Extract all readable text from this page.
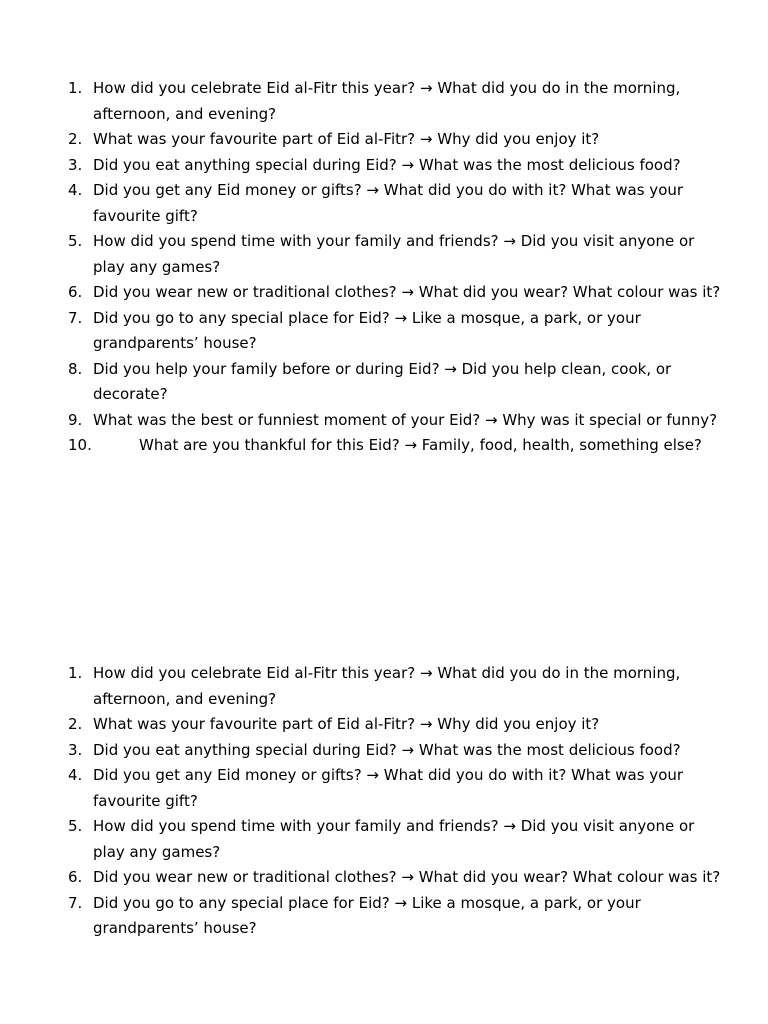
1. How did you celebrate Eid al-Fitr this year? → What did you do in the morning, afternoon, and evening?
2. What was your favourite part of Eid al-Fitr? → Why did you enjoy it?
3. Did you eat anything special during Eid? → What was the most delicious food?
4. Did you get any Eid money or gifts? → What did you do with it? What was your favourite gift?
5. How did you spend time with your family and friends? → Did you visit anyone or play any games?
6. Did you wear new or traditional clothes? → What did you wear? What colour was it?
7. Did you go to any special place for Eid? → Like a mosque, a park, or your grandparents’ house?
8. Did you help your family before or during Eid? → Did you help clean, cook, or decorate?
9. What was the best or funniest moment of your Eid? → Why was it special or funny?
10.	What are you thankful for this Eid? → Family, food, health, something else?
1. How did you celebrate Eid al-Fitr this year? → What did you do in the morning, afternoon, and evening?
2. What was your favourite part of Eid al-Fitr? → Why did you enjoy it?
3. Did you eat anything special during Eid? → What was the most delicious food?
4. Did you get any Eid money or gifts? → What did you do with it? What was your favourite gift?
5. How did you spend time with your family and friends? → Did you visit anyone or play any games?
6. Did you wear new or traditional clothes? → What did you wear? What colour was it?
7. Did you go to any special place for Eid? → Like a mosque, a park, or your grandparents’ house?
